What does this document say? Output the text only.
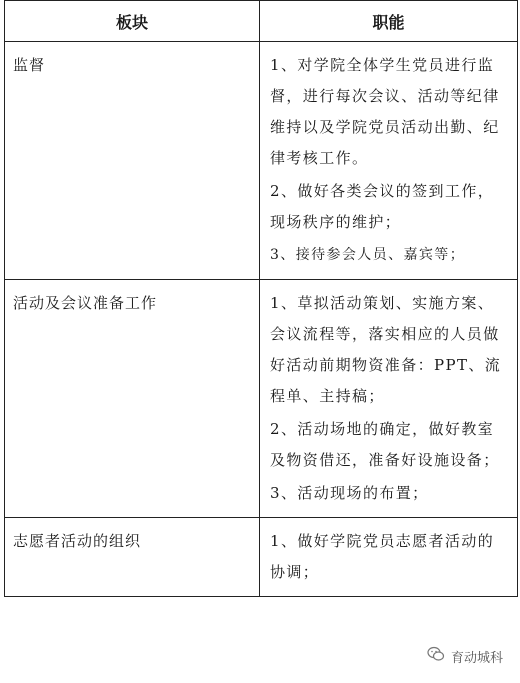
板块	职能
监督	1、对学院全体学生党员进行监督，进行每次会议、活动等纪律维持以及学院党员活动出勤、纪律考核工作。
2、做好各类会议的签到工作，现场秩序的维护；
3、接待参会人员、嘉宾等；

活动及会议准备工作	1、草拟活动策划、实施方案、会议流程等，落实相应的人员做好活动前期物资准备：PPT、流程单、主持稿；
2、活动场地的确定，做好教室及物资借还，准备好设施设备；
3、活动现场的布置；

志愿者活动的组织	1、做好学院党员志愿者活动的协调；
育动城科
